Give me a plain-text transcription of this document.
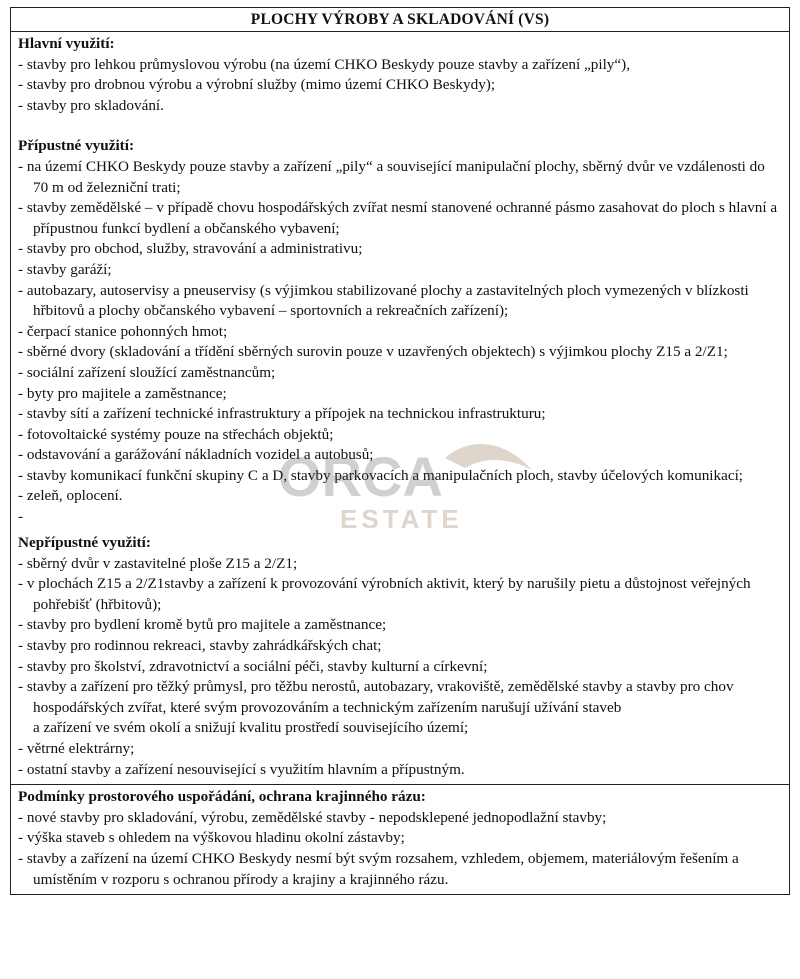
PLOCHY VÝROBY A SKLADOVÁNÍ (VS)

Hlavní využití:
- stavby pro lehkou průmyslovou výrobu (na území CHKO Beskydy pouze stavby a zařízení „pily“),
- stavby pro drobnou výrobu a výrobní služby (mimo území CHKO Beskydy);
- stavby pro skladování.
Přípustné využití:
- na území CHKO Beskydy pouze stavby a zařízení „pily“ a související manipulační plochy, sběrný dvůr ve vzdálenosti do 70 m od železniční trati;
- stavby zemědělské – v případě chovu hospodářských zvířat nesmí stanovené ochranné pásmo zasahovat do ploch s hlavní a přípustnou funkcí bydlení a občanského vybavení;
- stavby pro obchod, služby, stravování a administrativu;
- stavby garáží;
- autobazary, autoservisy a pneuservisy (s výjimkou stabilizované plochy a zastavitelných ploch vymezených v blízkosti hřbitovů a plochy občanského vybavení – sportovních a rekreačních zařízení);
- čerpací stanice pohonných hmot;
- sběrné dvory (skladování a třídění sběrných surovin pouze v uzavřených objektech) s výjimkou plochy Z15 a 2/Z1;
- sociální zařízení sloužící zaměstnancům;
- byty pro majitele a zaměstnance;
- stavby sítí a zařízení technické infrastruktury a přípojek na technickou infrastrukturu;
- fotovoltaické systémy pouze na střechách objektů;
- odstavování a garážování nákladních vozidel a autobusů;
- stavby komunikací funkční skupiny C a D, stavby parkovacích a manipulačních ploch, stavby účelových komunikací;
- zeleň, oplocení.
-
Nepřípustné využití:
- sběrný dvůr v zastavitelné ploše Z15 a 2/Z1;
- v plochách Z15 a 2/Z1stavby a zařízení k provozování výrobních aktivit, který by narušily pietu a důstojnost veřejných pohřebišť (hřbitovů);
- stavby pro bydlení kromě bytů pro majitele a zaměstnance;
- stavby pro rodinnou rekreaci, stavby zahrádkářských chat;
- stavby pro školství, zdravotnictví a sociální péči, stavby kulturní a církevní;
- stavby a zařízení pro těžký průmysl, pro těžbu nerostů, autobazary, vrakoviště, zemědělské stavby a stavby pro chov hospodářských zvířat, které svým provozováním a technickým zařízením narušují užívání staveb
a zařízení ve svém okolí a snižují kvalitu prostředí souvisejícího území;
- větrné elektrárny;
- ostatní stavby a zařízení nesouvisející s využitím hlavním a přípustným.

Podmínky prostorového uspořádání, ochrana krajinného rázu:
- nové stavby pro skladování, výrobu, zemědělské stavby - nepodsklepené jednopodlažní stavby;
- výška staveb s ohledem na výškovou hladinu okolní zástavby;
- stavby a zařízení na území CHKO Beskydy nesmí být svým rozsahem, vzhledem, objemem, materiálovým řešením a umístěním v rozporu s ochranou přírody a krajiny a krajinného rázu.
ORCA
ESTATE
